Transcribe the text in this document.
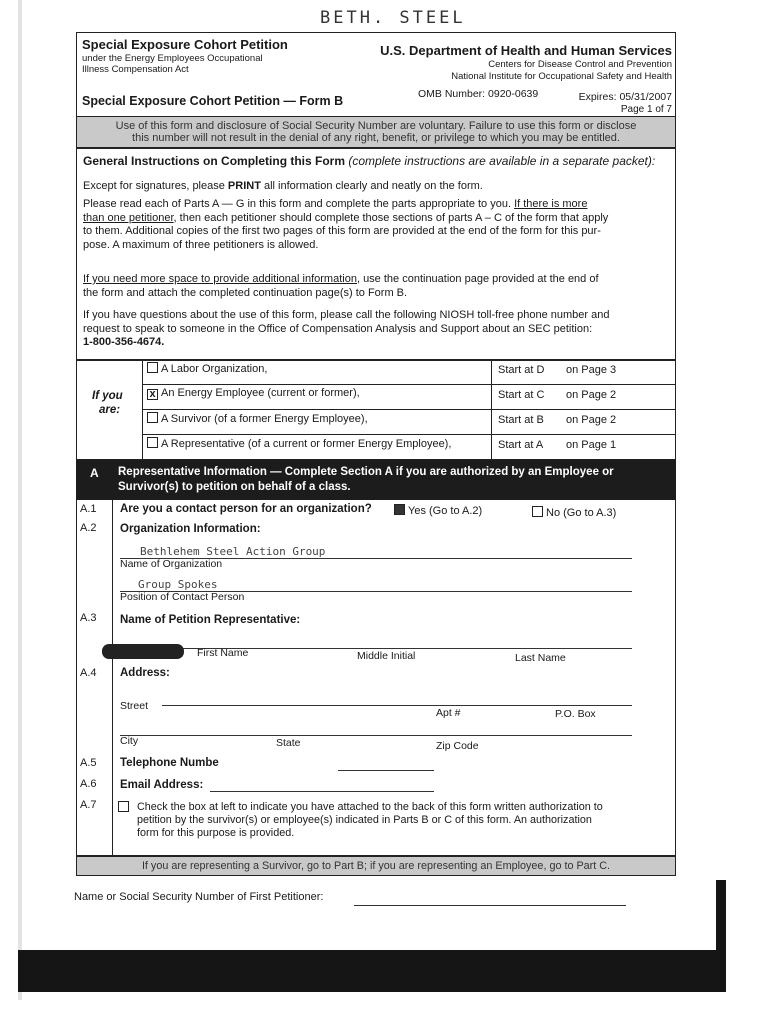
BETH. STEEL
Special Exposure Cohort Petition
under the Energy Employees Occupational
Illness Compensation Act
U.S. Department of Health and Human Services
Centers for Disease Control and Prevention
National Institute for Occupational Safety and Health
Special Exposure Cohort Petition — Form B	OMB Number: 0920-0639	Expires: 05/31/2007
Page 1 of 7
Use of this form and disclosure of Social Security Number are voluntary. Failure to use this form or disclose
this number will not result in the denial of any right, benefit, or privilege to which you may be entitled.
General Instructions on Completing this Form (complete instructions are available in a separate packet):
Except for signatures, please PRINT all information clearly and neatly on the form.
Please read each of Parts A — G in this form and complete the parts appropriate to you. If there is more
than one petitioner, then each petitioner should complete those sections of parts A – C of the form that apply
to them. Additional copies of the first two pages of this form are provided at the end of the form for this pur-
pose. A maximum of three petitioners is allowed.
If you need more space to provide additional information, use the continuation page provided at the end of
the form and attach the completed continuation page(s) to Form B.
If you have questions about the use of this form, please call the following NIOSH toll-free phone number and
request to speak to someone in the Office of Compensation Analysis and Support about an SEC petition:
1-800-356-4674.
If you
are:
A Labor Organization,	Start at D on Page 3
x An Energy Employee (current or former),	Start at C on Page 2
A Survivor (of a former Energy Employee),	Start at B on Page 2
A Representative (of a current or former Energy Employee),	Start at A on Page 1
A Representative Information — Complete Section A if you are authorized by an Employee or
Survivor(s) to petition on behalf of a class.
A.1 Are you a contact person for an organization?	Yes (Go to A.2)	No (Go to A.3)
A.2 Organization Information:
Bethlehem Steel Action Group
Name of Organization
Group Spokes
Position of Contact Person
A.3 Name of Petition Representative:
First Name	Middle Initial	Last Name
A.4 Address:
Street
Apt #	P.O. Box
City	State	Zip Code
A.5 Telephone Numbe
A.6 Email Address:
A.7	Check the box at left to indicate you have attached to the back of this form written authorization to
petition by the survivor(s) or employee(s) indicated in Parts B or C of this form. An authorization
form for this purpose is provided.
If you are representing a Survivor, go to Part B; if you are representing an Employee, go to Part C.
Name or Social Security Number of First Petitioner:
